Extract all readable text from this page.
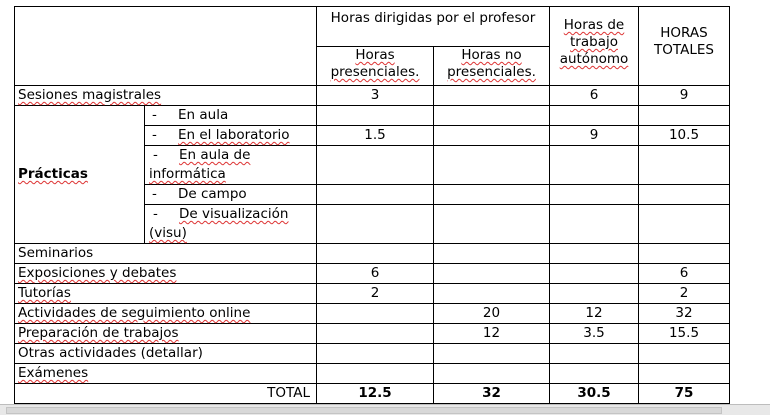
		Horas dirigidas por el profesor		Horas de trabajo autónomo	HORAS TOTALES
		Horas presenciales.	Horas no presenciales.		
Sesiones magistrales		3		6	9
Prácticas	- En aula				
	- En el laboratorio	1.5		9	10.5
	- En aula de informática				
	- De campo				
	- De visualización (visu)				
Seminarios					
Exposiciones y debates		6			6
Tutorías		2			2
Actividades de seguimiento online			20	12	32
Preparación de trabajos			12	3.5	15.5
Otras actividades (detallar)					
Exámenes					
TOTAL		12.5	32	30.5	75
